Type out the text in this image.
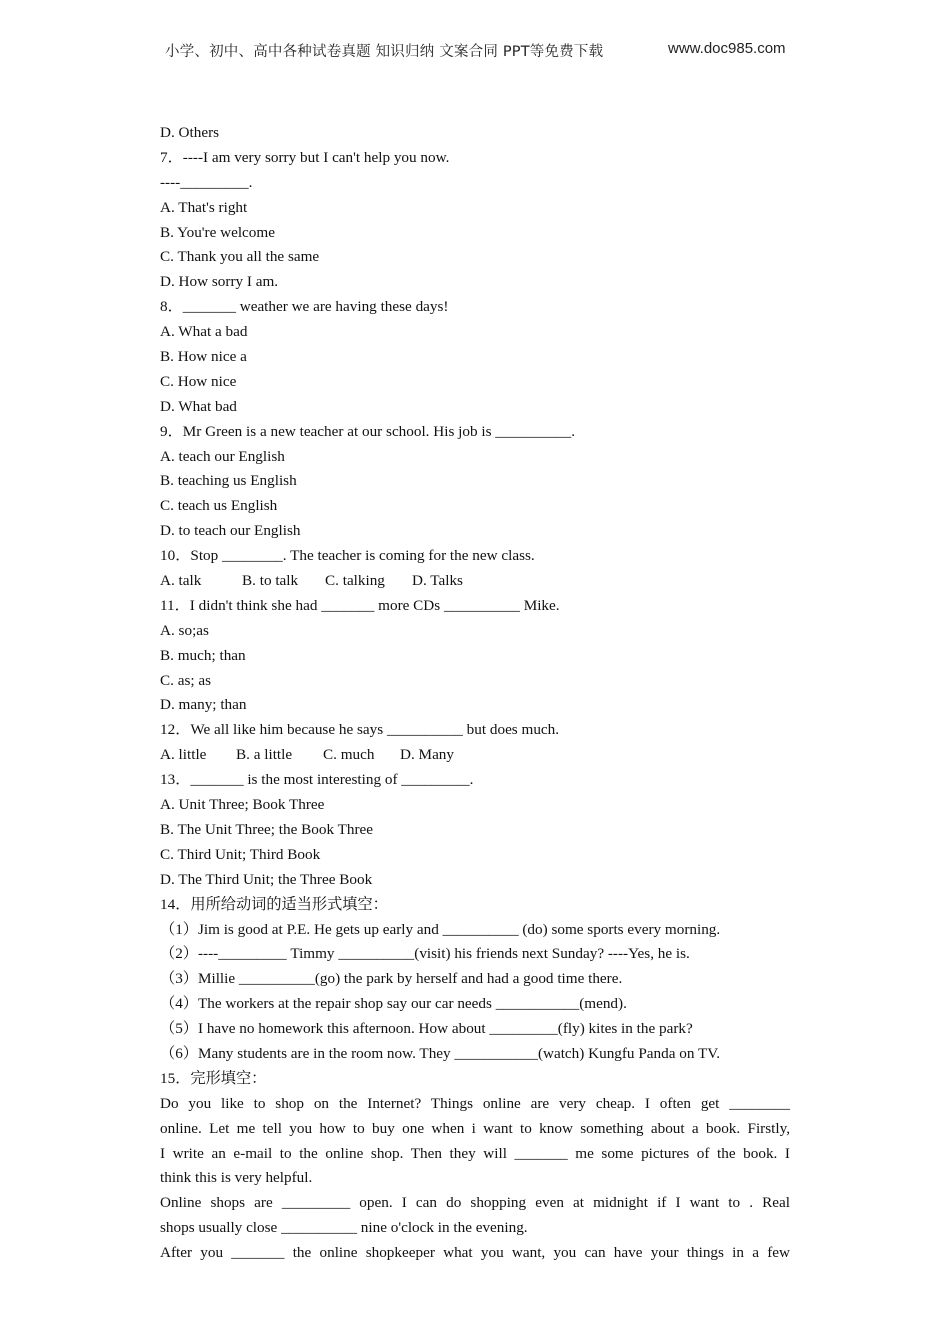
小学、初中、高中各种试卷真题 知识归纳 文案合同 PPT等免费下载	www.doc985.com
D. Others
7．----I am very sorry but I can't help you now.
----_________.
A. That's right
B. You're welcome
C. Thank you all the same
D. How sorry I am.
8．_______ weather we are having these days!
A. What a bad
B. How nice a
C. How nice
D. What bad
9．Mr Green is a new teacher at our school. His job is __________.
A. teach our English
B. teaching us English
C. teach us English
D. to teach our English
10．Stop ________. The teacher is coming for the new class.
A. talk	B. to talk C. talking D. Talks
11．I didn't think she had _______ more CDs __________ Mike.
A. so;as
B. much; than
C. as; as
D. many; than
12．We all like him because he says __________ but does much.
A. little B. a little C. much D. Many
13．_______ is the most interesting of _________.
A. Unit Three; Book Three
B. The Unit Three; the Book Three
C. Third Unit; Third Book
D. The Third Unit; the Three Book
14．用所给动词的适当形式填空：
（1）Jim is good at P.E. He gets up early and __________ (do) some sports every morning.
（2）----_________ Timmy __________(visit) his friends next Sunday? ----Yes, he is.
（3）Millie __________(go) the park by herself and had a good time there.
（4）The workers at the repair shop say our car needs ___________(mend).
（5）I have no homework this afternoon. How about _________(fly) kites in the park?
（6）Many students are in the room now. They ___________(watch) Kungfu Panda on TV.
15．完形填空：
Do you like to shop on the Internet? Things online are very cheap. I often get ________
online. Let me tell you how to buy one when i want to know something about a book. Firstly,
I write an e-mail to the online shop. Then they will _______ me some pictures of the book. I
think this is very helpful.
Online shops are _________ open. I can do shopping even at midnight if I want to . Real
shops usually close __________ nine o'clock in the evening.
After you _______ the online shopkeeper what you want, you can have your things in a few
